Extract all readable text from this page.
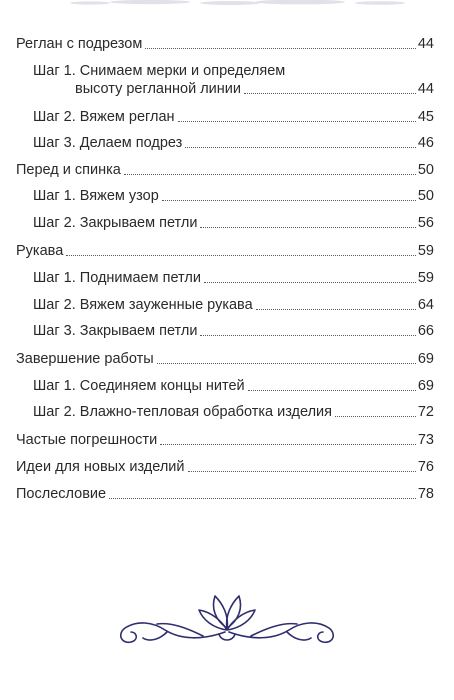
Реглан с подрезом	44
Шаг 1. Снимаем мерки и определяем
высоту регланной линии	44
Шаг 2. Вяжем реглан	45
Шаг 3. Делаем подрез	46
Перед и спинка	50
Шаг 1. Вяжем узор	50
Шаг 2. Закрываем петли	56
Рукава	59
Шаг 1. Поднимаем петли	59
Шаг 2. Вяжем зауженные рукава	64
Шаг 3. Закрываем петли	66
Завершение работы	69
Шаг 1. Соединяем концы нитей	69
Шаг 2. Влажно-тепловая обработка изделия	72
Частые погрешности	73
Идеи для новых изделий	76
Послесловие	78
